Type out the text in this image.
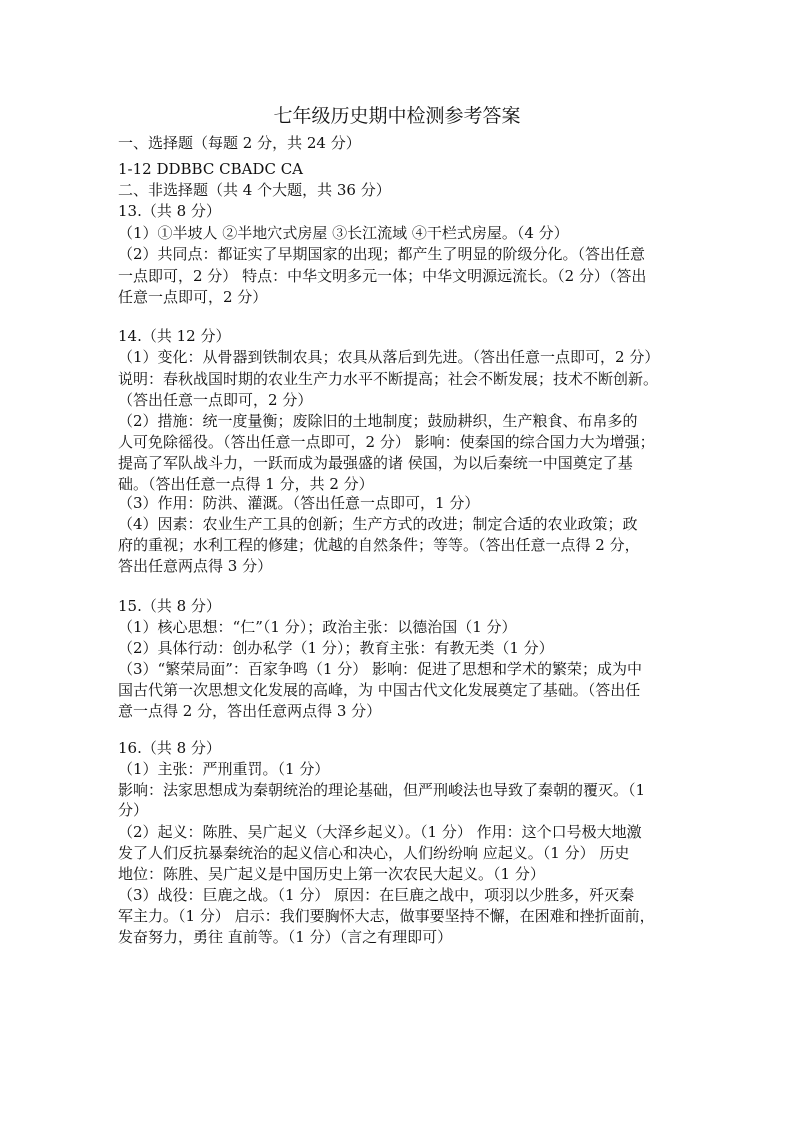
七年级历史期中检测参考答案
一、选择题（每题 2 分，共 24 分）
1-12 DDBBC CBADC CA
二、非选择题（共 4 个大题，共 36 分）
13.（共 8 分）
（1）①半坡人 ②半地穴式房屋 ③长江流域 ④干栏式房屋。（4 分）
（2）共同点：都证实了早期国家的出现；都产生了明显的阶级分化。（答出任意
一点即可，2 分） 特点：中华文明多元一体；中华文明源远流长。（2 分）（答出
任意一点即可，2 分）
14.（共 12 分）
（1）变化：从骨器到铁制农具；农具从落后到先进。（答出任意一点即可，2 分）
说明：春秋战国时期的农业生产力水平不断提高；社会不断发展；技术不断创新。
（答出任意一点即可，2 分）
（2）措施：统一度量衡；废除旧的土地制度；鼓励耕织，生产粮食、布帛多的
人可免除徭役。（答出任意一点即可，2 分） 影响：使秦国的综合国力大为增强；
提高了军队战斗力，一跃而成为最强盛的诸 侯国，为以后秦统一中国奠定了基
础。（答出任意一点得 1 分，共 2 分）
（3）作用：防洪、灌溉。（答出任意一点即可，1 分）
（4）因素：农业生产工具的创新；生产方式的改进；制定合适的农业政策；政
府的重视；水利工程的修建；优越的自然条件；等等。（答出任意一点得 2 分，
答出任意两点得 3 分）
15.（共 8 分）
（1）核心思想：“仁”（1 分）；政治主张：以德治国（1 分）
（2）具体行动：创办私学（1 分）；教育主张：有教无类（1 分）
（3）“繁荣局面”：百家争鸣（1 分） 影响：促进了思想和学术的繁荣；成为中
国古代第一次思想文化发展的高峰，为 中国古代文化发展奠定了基础。（答出任
意一点得 2 分，答出任意两点得 3 分）
16.（共 8 分）
（1）主张：严刑重罚。（1 分）
影响：法家思想成为秦朝统治的理论基础，但严刑峻法也导致了秦朝的覆灭。（1
分）
（2）起义：陈胜、吴广起义（大泽乡起义）。（1 分） 作用：这个口号极大地激
发了人们反抗暴秦统治的起义信心和决心，人们纷纷响 应起义。（1 分） 历史
地位：陈胜、吴广起义是中国历史上第一次农民大起义。（1 分）
（3）战役：巨鹿之战。（1 分） 原因：在巨鹿之战中，项羽以少胜多，歼灭秦
军主力。（1 分） 启示：我们要胸怀大志，做事要坚持不懈，在困难和挫折面前，
发奋努力，勇往 直前等。（1 分）（言之有理即可）
